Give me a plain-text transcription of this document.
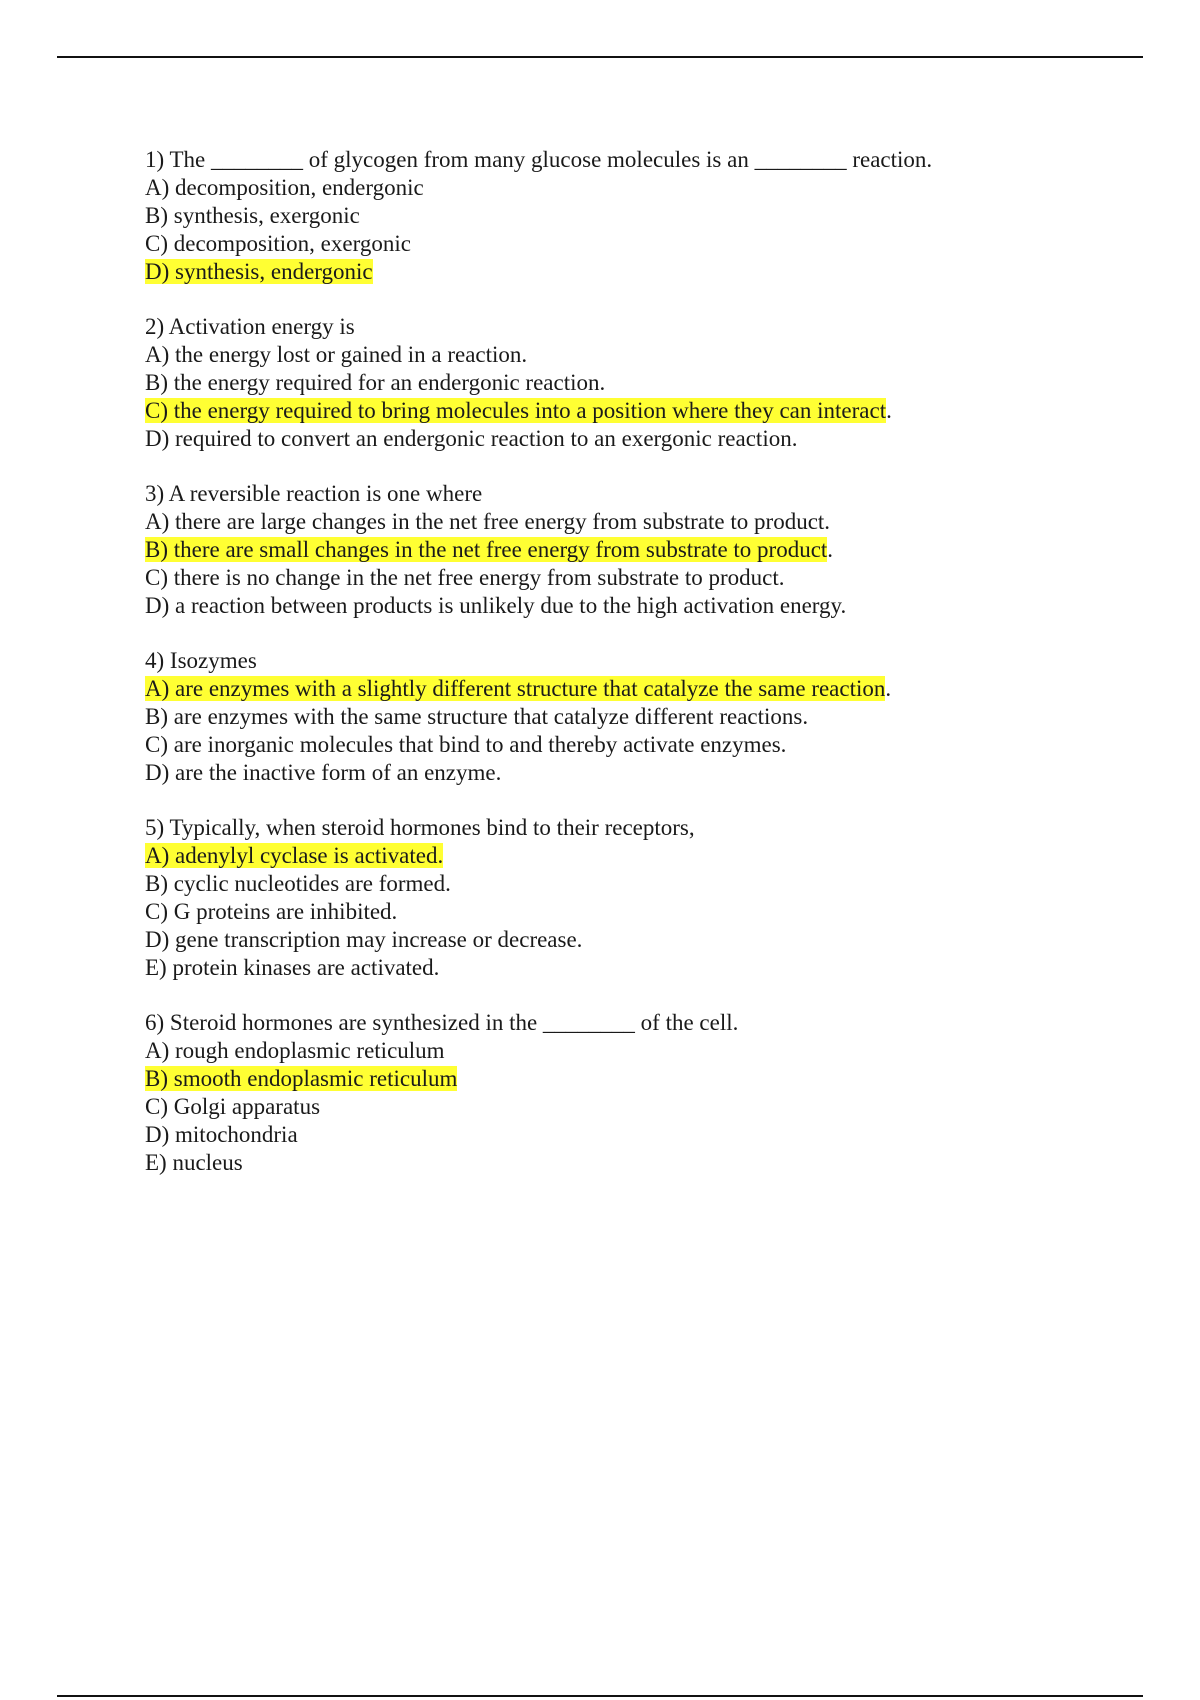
1) The ________ of glycogen from many glucose molecules is an ________ reaction.
A) decomposition, endergonic
B) synthesis, exergonic
C) decomposition, exergonic
D) synthesis, endergonic
2) Activation energy is
A) the energy lost or gained in a reaction.
B) the energy required for an endergonic reaction.
C) the energy required to bring molecules into a position where they can interact.
D) required to convert an endergonic reaction to an exergonic reaction.
3) A reversible reaction is one where
A) there are large changes in the net free energy from substrate to product.
B) there are small changes in the net free energy from substrate to product.
C) there is no change in the net free energy from substrate to product.
D) a reaction between products is unlikely due to the high activation energy.
4) Isozymes
A) are enzymes with a slightly different structure that catalyze the same reaction.
B) are enzymes with the same structure that catalyze different reactions.
C) are inorganic molecules that bind to and thereby activate enzymes.
D) are the inactive form of an enzyme.
5) Typically, when steroid hormones bind to their receptors,
A) adenylyl cyclase is activated.
B) cyclic nucleotides are formed.
C) G proteins are inhibited.
D) gene transcription may increase or decrease.
E) protein kinases are activated.
6) Steroid hormones are synthesized in the ________ of the cell.
A) rough endoplasmic reticulum
B) smooth endoplasmic reticulum
C) Golgi apparatus
D) mitochondria
E) nucleus
